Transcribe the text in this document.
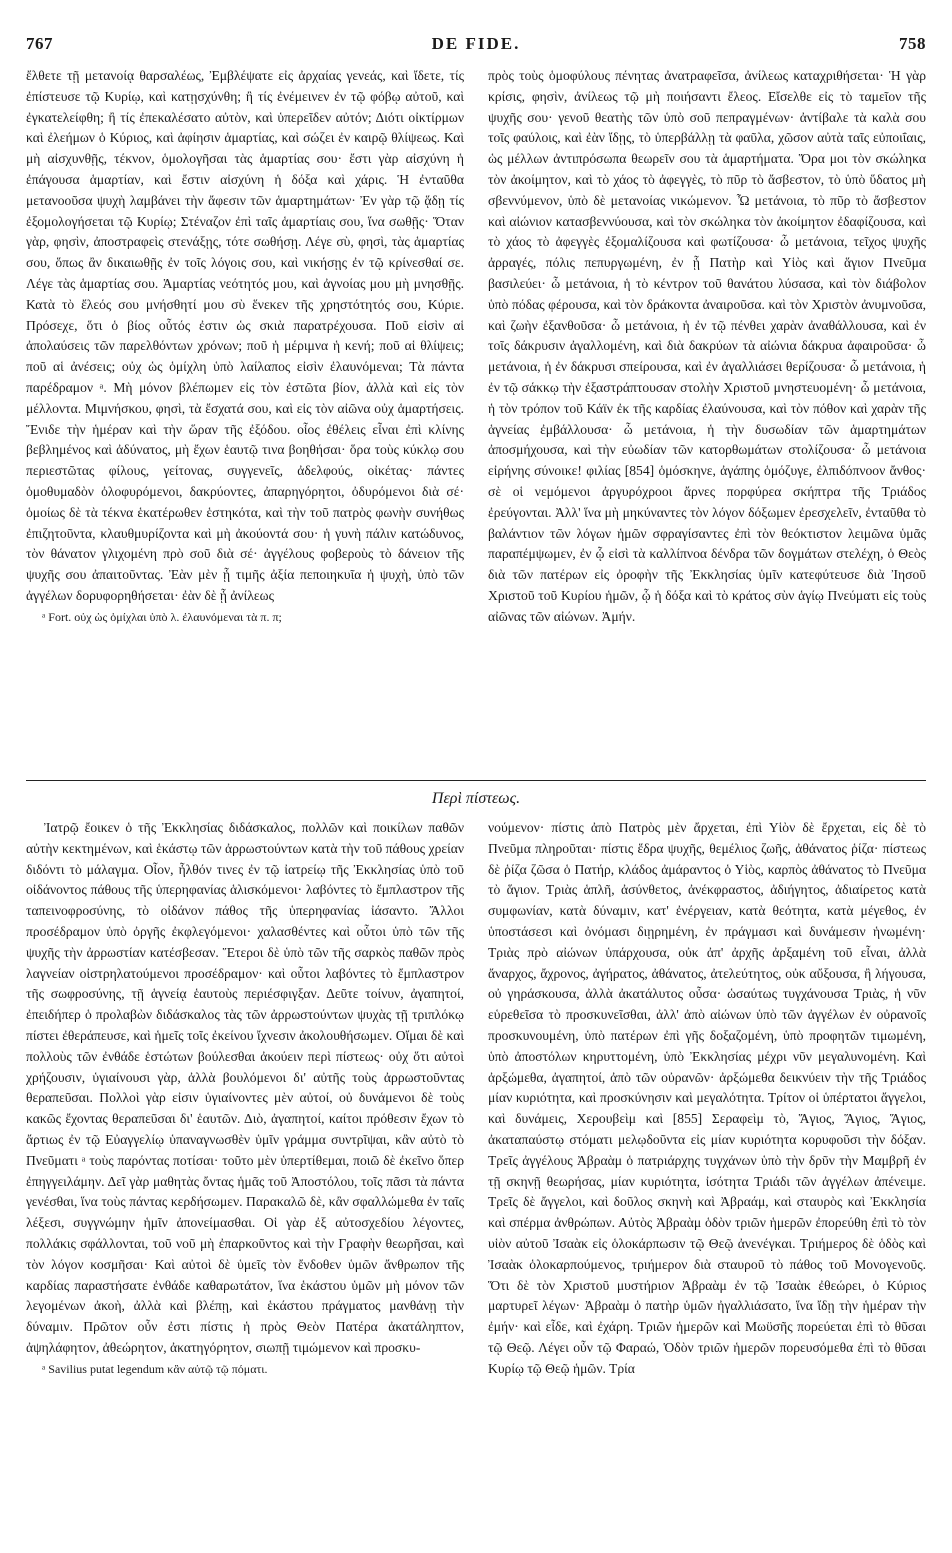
767	DE FIDE.	758

ἔλθετε τῇ μετανοίᾳ θαρσαλέως, Ἐμβλέψατε εἰς ἀρχαίας γενεάς, καὶ ἴδετε, τίς ἐπίστευσε τῷ Κυρίῳ, καὶ κατῃσχύνθη; ἢ τίς ἐνέμεινεν ἐν τῷ φόβῳ αὐτοῦ, καὶ ἐγκατελείφθη; ἢ τίς ἐπεκαλέσατο αὐτὸν, καὶ ὑπερεῖδεν αὐτόν; Διότι οἰκτίρμων καὶ ἐλεήμων ὁ Κύριος, καὶ ἀφίησιν ἁμαρτίας, καὶ σώζει ἐν καιρῷ θλίψεως. Καὶ μὴ αἰσχυνθῇς, τέκνον, ὁμολογῆσαι τὰς ἁμαρτίας σου· ἔστι γὰρ αἰσχύνη ἡ ἐπάγουσα ἁμαρτίαν, καὶ ἔστιν αἰσχύνη ἡ δόξα καὶ χάρις. Ἡ ἐνταῦθα μετανοοῦσα ψυχὴ λαμβάνει τὴν ἄφεσιν τῶν ἁμαρτημάτων· Ἐν γὰρ τῷ ᾅδῃ τίς ἐξομολογήσεται τῷ Κυρίῳ; Στέναζον ἐπὶ ταῖς ἁμαρτίαις σου, ἵνα σωθῇς· Ὅταν γὰρ, φησὶν, ἀποστραφεὶς στενάξῃς, τότε σωθήσῃ. Λέγε σὺ, φησὶ, τὰς ἁμαρτίας σου, ὅπως ἂν δικαιωθῇς ἐν τοῖς λόγοις σου, καὶ νικήσῃς ἐν τῷ κρίνεσθαί σε. Λέγε τὰς ἁμαρτίας σου. Ἁμαρτίας νεότητός μου, καὶ ἀγνοίας μου μὴ μνησθῇς. Κατὰ τὸ ἔλεός σου μνήσθητί μου σὺ ἕνεκεν τῆς χρηστότητός σου, Κύριε. Πρόσεχε, ὅτι ὁ βίος οὗτός ἐστιν ὡς σκιὰ παρατρέχουσα. Ποῦ εἰσὶν αἱ ἀπολαύσεις τῶν παρελθόντων χρόνων; ποῦ ἡ μέριμνα ἡ κενή; ποῦ αἱ θλίψεις; ποῦ αἱ ἀνέσεις; οὐχ ὡς ὁμίχλη ὑπὸ λαίλαπος εἰσὶν ἐλαυνόμεναι; Τὰ πάντα παρέδραμον ᵃ. Μὴ μόνον βλέπωμεν εἰς τὸν ἐστῶτα βίον, ἀλλὰ καὶ εἰς τὸν μέλλοντα. Μιμνήσκου, φησὶ, τὰ ἔσχατά σου, καὶ εἰς τὸν αἰῶνα οὐχ ἁμαρτήσεις. Ἔνιδε τὴν ἡμέραν καὶ τὴν ὥραν τῆς ἐξόδου. οἷος ἐθέλεις εἶναι ἐπὶ κλίνης βεβλημένος καὶ ἀδύνατος, μὴ ἔχων ἑαυτῷ τινα βοηθήσαι· ὅρα τοὺς κύκλῳ σου περιεστῶτας φίλους, γείτονας, συγγενεῖς, ἀδελφούς, οἰκέτας· πάντες ὁμοθυμαδὸν ὀλοφυρόμενοι, δακρύοντες, ἀπαρηγόρητοι, ὀδυρόμενοι διὰ σέ· ὁμοίως δὲ τὰ τέκνα ἑκατέρωθεν ἑστηκότα, καὶ τὴν τοῦ πατρὸς φωνὴν συνήθως ἐπιζητοῦντα, κλαυθμυρίζοντα καὶ μὴ ἀκούοντά σου· ἡ γυνὴ πάλιν κατώδυνος, τὸν θάνατον γλιχομένη πρὸ σοῦ διὰ σέ· ἀγγέλους φοβεροὺς τὸ δάνειον τῆς ψυχῆς σου ἀπαιτοῦντας. Ἐὰν μὲν ᾖ τιμῆς ἀξία πεποιηκυῖα ἡ ψυχὴ, ὑπὸ τῶν ἀγγέλων δορυφορηθήσεται· ἐὰν δὲ ᾖ ἀνίλεως

ᵃ Fort. οὐχ ὡς ὁμίχλαι ὑπὸ λ. ἐλαυνόμεναι τὰ π. π;

πρὸς τοὺς ὁμοφύλους πένητας ἀνατραφεῖσα, ἀνίλεως καταχριθήσεται· Ἡ γὰρ κρίσις, φησὶν, ἀνίλεως τῷ μὴ ποιήσαντι ἔλεος. Εἴσελθε εἰς τὸ ταμεῖον τῆς ψυχῆς σου· γενοῦ θεατὴς τῶν ὑπὸ σοῦ πεπραγμένων· ἀντίβαλε τὰ καλὰ σου τοῖς φαύλοις, καὶ ἐὰν ἴδῃς, τὸ ὑπερβάλλῃ τὰ φαῦλα, χῶσον αὐτὰ ταῖς εὐποιΐαις, ὡς μέλλων ἀντιπρόσωπα θεωρεῖν σου τὰ ἁμαρτήματα. Ὅρα μοι τὸν σκώληκα τὸν ἀκοίμητον, καὶ τὸ χάος τὸ ἀφεγγὲς, τὸ πῦρ τὸ ἄσβεστον, τὸ ὑπὸ ὕδατος μὴ σβεννύμενον, ὑπὸ δὲ μετανοίας νικώμενον. Ὦ μετάνοια, τὸ πῦρ τὸ ἄσβεστον καὶ αἰώνιον κατασβεννύουσα, καὶ τὸν σκώληκα τὸν ἀκοίμητον ἐδαφίζουσα, καὶ τὸ χάος τὸ ἀφεγγὲς ἐξομαλίζουσα καὶ φωτίζουσα· ὦ μετάνοια, τεῖχος ψυχῆς ἀρραγές, πόλις πεπυργωμένη, ἐν ᾗ Πατὴρ καὶ Υἱὸς καὶ ἅγιον Πνεῦμα βασιλεύει· ὦ μετάνοια, ἡ τὸ κέντρον τοῦ θανάτου λύσασα, καὶ τὸν διάβολον ὑπὸ πόδας φέρουσα, καὶ τὸν δράκοντα ἀναιροῦσα. καὶ τὸν Χριστὸν ἀνυμνοῦσα, καὶ ζωὴν ἐξανθοῦσα· ὦ μετάνοια, ἡ ἐν τῷ πένθει χαρὰν ἀναθάλλουσα, καὶ ἐν τοῖς δάκρυσιν ἀγαλλομένη, καὶ διὰ δακρύων τὰ αἰώνια δάκρυα ἀφαιροῦσα· ὦ μετάνοια, ἡ ἐν δάκρυσι σπείρουσα, καὶ ἐν ἀγαλλιάσει θερίζουσα· ὦ μετάνοια, ἡ ἐν τῷ σάκκῳ τὴν ἐξαστράπτουσαν στολὴν Χριστοῦ μνηστευομένη· ὦ μετάνοια, ἡ τὸν τρόπον τοῦ Κάϊν ἐκ τῆς καρδίας ἐλαύνουσα, καὶ τὸν πόθον καὶ χαρὰν τῆς ἁγνείας ἐμβάλλουσα· ὦ μετάνοια, ἡ τὴν δυσωδίαν τῶν ἁμαρτημάτων ἀποσμήχουσα, καὶ τὴν εὐωδίαν τῶν κατορθωμάτων στολίζουσα· ὦ μετάνοια εἰρήνης σύνοικε! φιλίας [854] ὁμόσκηνε, ἀγάπης ὁμόζυγε, ἐλπιδόπνοον ἄνθος· σὲ οἱ νεμόμενοι ἀργυρόχροοι ἄρνες πορφύρεα σκήπτρα τῆς Τριάδος ἐρεύγονται. Ἀλλ' ἵνα μὴ μηκύναντες τὸν λόγον δόξωμεν ἐρεσχελεῖν, ἐνταῦθα τὸ βαλάντιον τῶν λόγων ἡμῶν σφραγίσαντες ἐπὶ τὸν θεόκτιστον λειμῶνα ὑμᾶς παραπέμψωμεν, ἐν ᾧ εἰσὶ τὰ καλλίπνοα δένδρα τῶν δογμάτων στελέχη, ὁ Θεὸς διὰ τῶν πατέρων εἰς ὀροφὴν τῆς Ἐκκλησίας ὑμῖν κατεφύτευσε διὰ Ἰησοῦ Χριστοῦ τοῦ Κυρίου ἡμῶν, ᾧ ἡ δόξα καὶ τὸ κράτος σὺν ἁγίῳ Πνεύματι εἰς τοὺς αἰῶνας τῶν αἰώνων. Ἀμήν.

Περὶ πίστεως.

Ἰατρῷ ἔοικεν ὁ τῆς Ἐκκλησίας διδάσκαλος, πολλῶν καὶ ποικίλων παθῶν αὐτὴν κεκτημένων, καὶ ἑκάστῳ τῶν ἀρρωστούντων κατὰ τὴν τοῦ πάθους χρείαν διδόντι τὸ μάλαγμα. Οἷον, ἦλθόν τινες ἐν τῷ ἰατρείῳ τῆς Ἐκκλησίας ὑπὸ τοῦ οἰδάνοντος πάθους τῆς ὑπερηφανίας ἁλισκόμενοι· λαβόντες τὸ ἔμπλαστρον τῆς ταπεινοφροσύνης, τὸ οἰδάνον πάθος τῆς ὑπερηφανίας ἰάσαντο. Ἄλλοι προσέδραμον ὑπὸ ὀργῆς ἐκφλεγόμενοι· χαλασθέντες καὶ οὗτοι ὑπὸ τῶν τῆς ψυχῆς τὴν ἀρρωστίαν κατέσβεσαν. Ἕτεροι δὲ ὑπὸ τῶν τῆς σαρκὸς παθῶν πρὸς λαγνείαν οἰστρηλατούμενοι προσέδραμον· καὶ οὗτοι λαβόντες τὸ ἔμπλαστρον τῆς σωφροσύνης, τῇ ἁγνείᾳ ἑαυτοὺς περιέσφιγξαν. Δεῦτε τοίνυν, ἀγαπητοί, ἐπειδήπερ ὁ προλαβὼν διδάσκαλος τὰς τῶν ἀρρωστούντων ψυχὰς τῇ τριπλόκῳ πίστει ἐθεράπευσε, καὶ ἡμεῖς τοῖς ἐκείνου ἴχνεσιν ἀκολουθήσωμεν. Οἴμαι δὲ καὶ πολλοὺς τῶν ἐνθάδε ἑστώτων βούλεσθαι ἀκούειν περὶ πίστεως· οὐχ ὅτι αὐτοὶ χρήζουσιν, ὑγιαίνουσι γὰρ, ἀλλὰ βουλόμενοι δι' αὐτῆς τοὺς ἀρρωστοῦντας θεραπεῦσαι. Πολλοὶ γὰρ εἰσιν ὑγιαίνοντες μὲν αὐτοί, οὐ δυνάμενοι δὲ τοὺς κακῶς ἔχοντας θεραπεῦσαι δι' ἑαυτῶν. Διὸ, ἀγαπητοί, καίτοι πρόθεσιν ἔχων τὸ ἄρτιως ἐν τῷ Εὐαγγελίῳ ὑπαναγνωσθὲν ὑμῖν γράμμα συντρῖψαι, κἂν αὐτὸ τὸ Πνεῦματι ᵃ τοὺς παρόντας ποτίσαι· τοῦτο μὲν ὑπερτίθεμαι, ποιῶ δὲ ἐκεῖνο ὅπερ ἐπηγγειλάμην. Δεῖ γὰρ μαθητὰς ὄντας ἡμᾶς τοῦ Ἀποστόλου, τοῖς πᾶσι τὰ πάντα γενέσθαι, ἵνα τοὺς πάντας κερδήσωμεν. Παρακαλῶ δὲ, κἂν σφαλλώμεθα ἐν ταῖς λέξεσι, συγγνώμην ἡμῖν ἀπονείμασθαι. Οἱ γὰρ ἐξ αὐτοσχεδίου λέγοντες, πολλάκις σφάλλονται, τοῦ νοῦ μὴ ἐπαρκοῦντος καὶ τὴν Γραφὴν θεωρῆσαι, καὶ τὸν λόγον κοσμῆσαι· Καὶ αὐτοὶ δὲ ὑμεῖς τὸν ἔνδοθεν ὑμῶν ἄνθρωπον τῆς καρδίας παραστήσατε ἐνθάδε καθαρωτάτον, ἵνα ἑκάστου ὑμῶν μὴ μόνον τῶν λεγομένων ἀκοὴ, ἀλλὰ καὶ βλέπῃ, καὶ ἑκάστου πράγματος μανθάνῃ τὴν δύναμιν. Πρῶτον οὖν ἐστι πίστις ἡ πρὸς Θεὸν Πατέρα ἀκατάληπτον, ἀψηλάφητον, ἀθεώρητον, ἀκατηγόρητον, σιωπῇ τιμώμενον καὶ προσκυ-

ᵃ Savilius putat legendum κἂν αὐτῷ τῷ πόματι.

νούμενον· πίστις ἀπὸ Πατρὸς μὲν ἄρχεται, ἐπὶ Υἱὸν δὲ ἔρχεται, εἰς δὲ τὸ Πνεῦμα πληροῦται· πίστις ἕδρα ψυχῆς, θεμέλιος ζωῆς, ἀθάνατος ῥίζα· πίστεως δὲ ῥίζα ζῶσα ὁ Πατήρ, κλάδος ἀμάραντος ὁ Υἱὸς, καρπὸς ἀθάνατος τὸ Πνεῦμα τὸ ἅγιον. Τριὰς ἁπλῆ, ἀσύνθετος, ἀνέκφραστος, ἀδιήγητος, ἀδιαίρετος κατὰ συμφωνίαν, κατὰ δύναμιν, κατ' ἐνέργειαν, κατὰ θεότητα, κατὰ μέγεθος, ἐν ὑποστάσεσι καὶ ὀνόμασι διῃρημένη, ἐν πράγμασι καὶ δυνάμεσιν ἡνωμένη· Τριὰς πρὸ αἰώνων ὑπάρχουσα, οὐκ ἀπ' ἀρχῆς ἀρξαμένη τοῦ εἶναι, ἀλλὰ ἄναρχος, ἄχρονος, ἀγήρατος, ἀθάνατος, ἀτελεύτητος, οὐκ αὔξουσα, ἢ λήγουσα, οὐ γηράσκουσα, ἀλλὰ ἀκατάλυτος οὖσα· ὡσαύτως τυγχάνουσα Τριὰς, ἡ νῦν εὑρεθεῖσα τὸ προσκυνεῖσθαι, ἀλλ' ἀπὸ αἰώνων ὑπὸ τῶν ἀγγέλων ἐν οὐρανοῖς προσκυνουμένη, ὑπὸ πατέρων ἐπὶ γῆς δοξαζομένη, ὑπὸ προφητῶν τιμωμένη, ὑπὸ ἀποστόλων κηρυττομένη, ὑπὸ Ἐκκλησίας μέχρι νῦν μεγαλυνομένη. Καὶ ἀρξώμεθα, ἀγαπητοί, ἀπὸ τῶν οὐρανῶν· ἀρξώμεθα δεικνύειν τὴν τῆς Τριάδος μίαν κυριότητα, καὶ προσκύνησιν καὶ μεγαλότητα. Τρίτον οἱ ὑπέρτατοι ἄγγελοι, καὶ δυνάμεις, Χερουβεὶμ καὶ [855] Σεραφεὶμ τὸ, Ἅγιος, Ἅγιος, Ἅγιος, ἀκαταπαύστῳ στόματι μελῳδοῦντα εἰς μίαν κυριότητα κορυφοῦσι τὴν δόξαν. Τρεῖς ἀγγέλους Ἀβραὰμ ὁ πατριάρχης τυγχάνων ὑπὸ τὴν δρῦν τὴν Μαμβρῆ ἐν τῇ σκηνῇ θεωρήσας, μίαν κυριότητα, ἰσότητα Τριάδι τῶν ἀγγέλων ἀπένειμε. Τρεῖς δὲ ἄγγελοι, καὶ δοῦλος σκηνὴ καὶ Ἀβραάμ, καὶ σταυρὸς καὶ Ἐκκλησία καὶ σπέρμα ἀνθρώπων. Αὐτὸς Ἀβραὰμ ὁδὸν τριῶν ἡμερῶν ἐπορεύθη ἐπὶ τὸ τὸν υἱὸν αὐτοῦ Ἰσαὰκ εἰς ὁλοκάρπωσιν τῷ Θεῷ ἀνενέγκαι. Τριήμερος δὲ ὁδὸς καὶ Ἰσαὰκ ὁλοκαρπούμενος, τριήμερον διὰ σταυροῦ τὸ πάθος τοῦ Μονογενοῦς. Ὅτι δὲ τὸν Χριστοῦ μυστήριον Ἀβραὰμ ἐν τῷ Ἰσαὰκ ἐθεώρει, ὁ Κύριος μαρτυρεῖ λέγων· Ἀβραὰμ ὁ πατὴρ ὑμῶν ἠγαλλιάσατο, ἵνα ἴδῃ τὴν ἡμέραν τὴν ἐμήν· καὶ εἶδε, καὶ ἐχάρη. Τριῶν ἡμερῶν καὶ Μωϋσῆς πορεύεται ἐπὶ τὸ θῦσαι τῷ Θεῷ. Λέγει οὖν τῷ Φαραώ, Ὁδὸν τριῶν ἡμερῶν πορευσόμεθα ἐπὶ τὸ θῦσαι Κυρίῳ τῷ Θεῷ ἡμῶν. Τρία
